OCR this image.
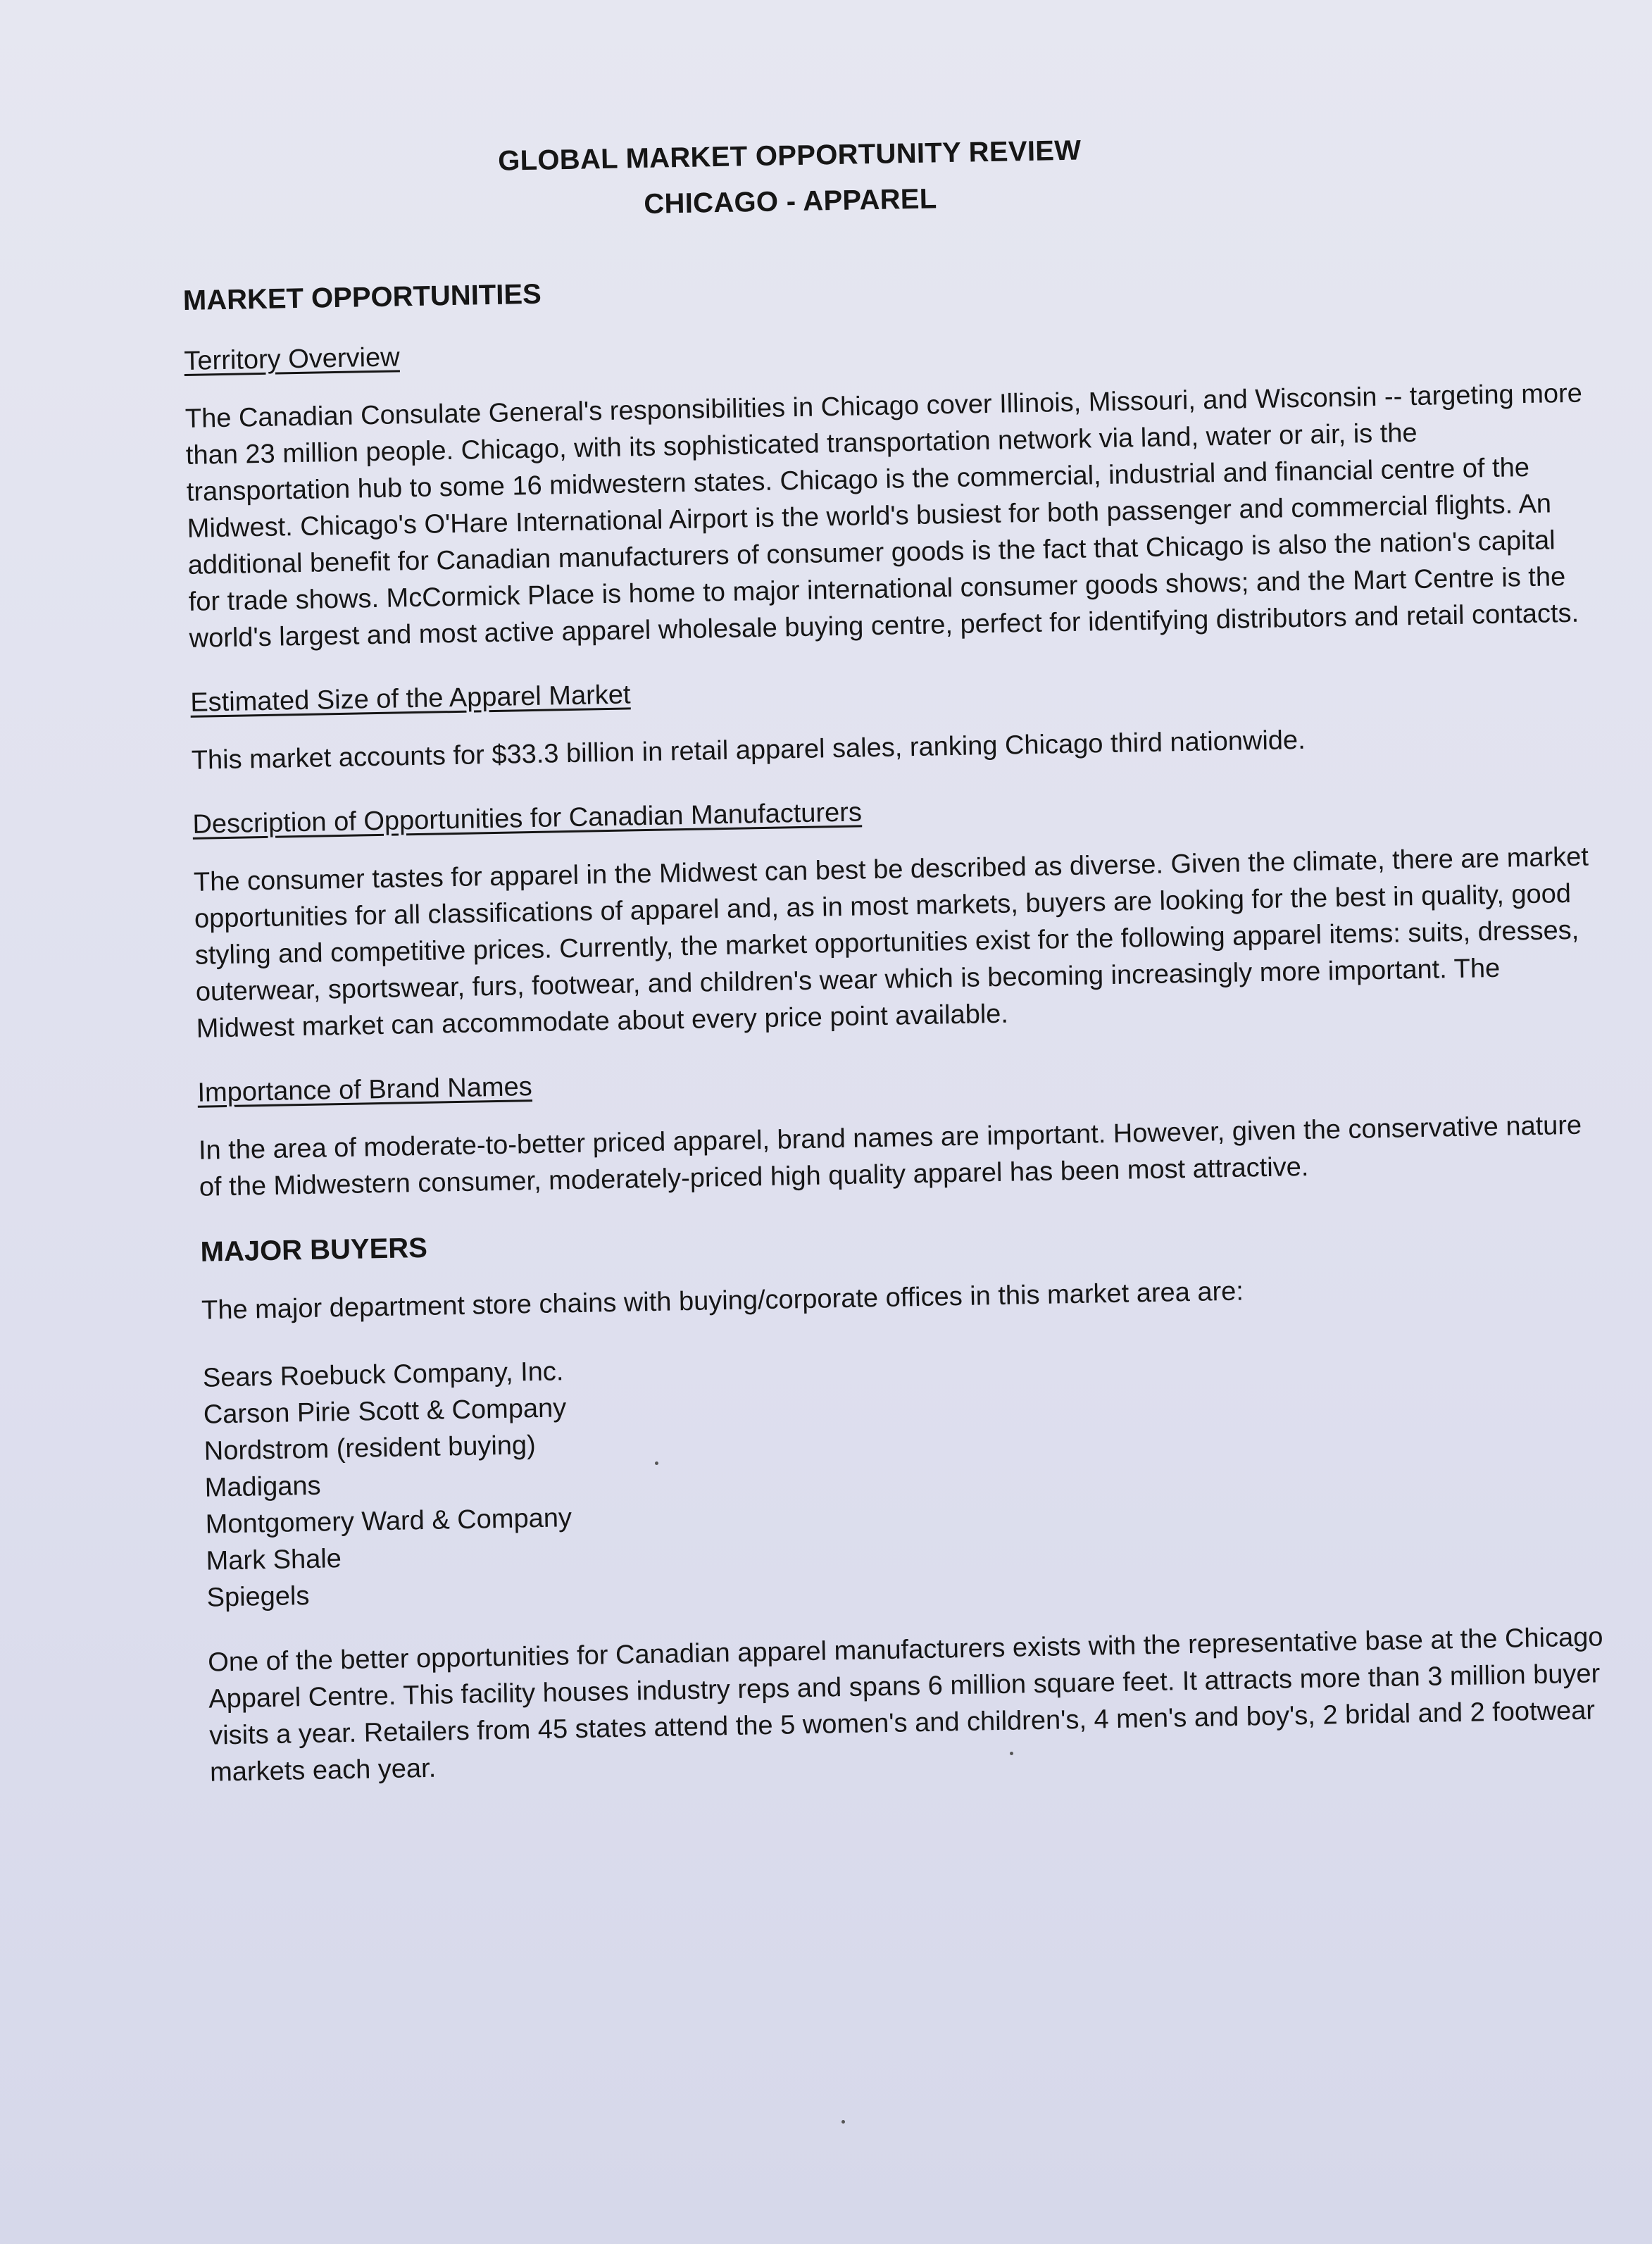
GLOBAL MARKET OPPORTUNITY REVIEW
CHICAGO - APPAREL
MARKET OPPORTUNITIES
Territory Overview

The Canadian Consulate General's responsibilities in Chicago cover Illinois, Missouri, and Wisconsin -- targeting more than 23 million people. Chicago, with its sophisticated transportation network via land, water or air, is the transportation hub to some 16 midwestern states. Chicago is the commercial, industrial and financial centre of the Midwest. Chicago's O'Hare International Airport is the world's busiest for both passenger and commercial flights. An additional benefit for Canadian manufacturers of consumer goods is the fact that Chicago is also the nation's capital for trade shows. McCormick Place is home to major international consumer goods shows; and the Mart Centre is the world's largest and most active apparel wholesale buying centre, perfect for identifying distributors and retail contacts.

Estimated Size of the Apparel Market

This market accounts for $33.3 billion in retail apparel sales, ranking Chicago third nationwide.

Description of Opportunities for Canadian Manufacturers

The consumer tastes for apparel in the Midwest can best be described as diverse. Given the climate, there are market opportunities for all classifications of apparel and, as in most markets, buyers are looking for the best in quality, good styling and competitive prices. Currently, the market opportunities exist for the following apparel items: suits, dresses, outerwear, sportswear, furs, footwear, and children's wear which is becoming increasingly more important. The Midwest market can accommodate about every price point available.

Importance of Brand Names

In the area of moderate-to-better priced apparel, brand names are important. However, given the conservative nature of the Midwestern consumer, moderately-priced high quality apparel has been most attractive.

MAJOR BUYERS

The major department store chains with buying/corporate offices in this market area are:

Sears Roebuck Company, Inc.
Carson Pirie Scott & Company
Nordstrom (resident buying)
Madigans
Montgomery Ward & Company
Mark Shale
Spiegels

One of the better opportunities for Canadian apparel manufacturers exists with the representative base at the Chicago Apparel Centre. This facility houses industry reps and spans 6 million square feet. It attracts more than 3 million buyer visits a year. Retailers from 45 states attend the 5 women's and children's, 4 men's and boy's, 2 bridal and 2 footwear markets each year.
